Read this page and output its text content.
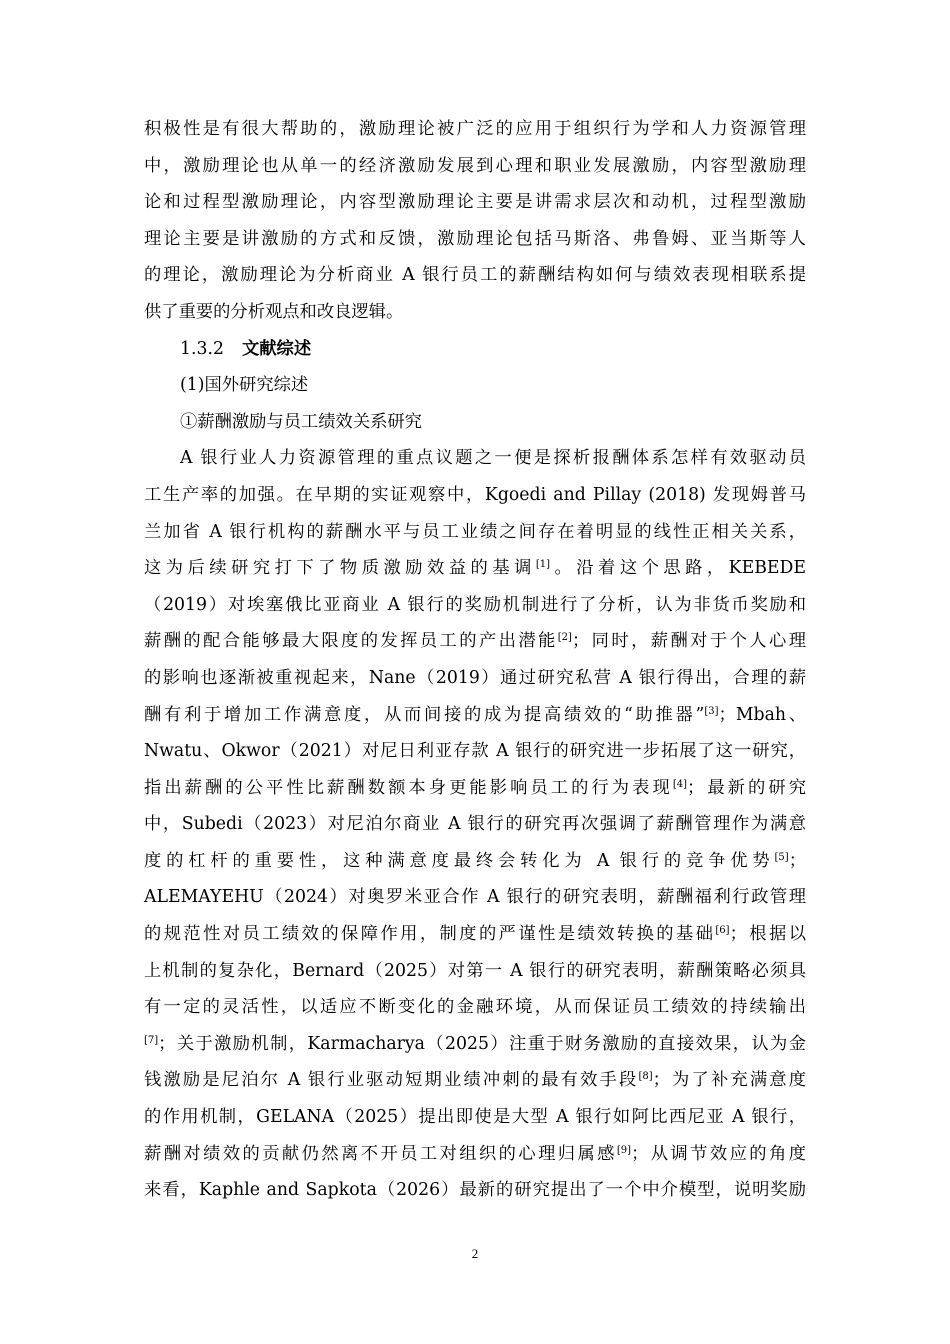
积极性是有很大帮助的，激励理论被广泛的应用于组织行为学和人力资源管理
中，激励理论也从单一的经济激励发展到心理和职业发展激励，内容型激励理
论和过程型激励理论，内容型激励理论主要是讲需求层次和动机，过程型激励
理论主要是讲激励的方式和反馈，激励理论包括马斯洛、弗鲁姆、亚当斯等人
的理论，激励理论为分析商业 A 银行员工的薪酬结构如何与绩效表现相联系提
供了重要的分析观点和改良逻辑。
1.3.2 文献综述
(1)国外研究综述
①薪酬激励与员工绩效关系研究
A 银行业人力资源管理的重点议题之一便是探析报酬体系怎样有效驱动员
工生产率的加强。在早期的实证观察中，Kgoedi and Pillay (2018) 发现姆普马
兰加省 A 银行机构的薪酬水平与员工业绩之间存在着明显的线性正相关关系，
这为后续研究打下了物质激励效益的基调[1]。沿着这个思路，KEBEDE
（2019）对埃塞俄比亚商业 A 银行的奖励机制进行了分析，认为非货币奖励和
薪酬的配合能够最大限度的发挥员工的产出潜能[2]；同时，薪酬对于个人心理
的影响也逐渐被重视起来，Nane（2019）通过研究私营 A 银行得出，合理的薪
酬有利于增加工作满意度，从而间接的成为提高绩效的“助推器”[3]；Mbah、
Nwatu、Okwor（2021）对尼日利亚存款 A 银行的研究进一步拓展了这一研究，
指出薪酬的公平性比薪酬数额本身更能影响员工的行为表现[4]；最新的研究
中，Subedi（2023）对尼泊尔商业 A 银行的研究再次强调了薪酬管理作为满意
度的杠杆的重要性，这种满意度最终会转化为 A 银行的竞争优势[5]；
ALEMAYEHU（2024）对奥罗米亚合作 A 银行的研究表明，薪酬福利行政管理
的规范性对员工绩效的保障作用，制度的严谨性是绩效转换的基础[6]；根据以
上机制的复杂化，Bernard（2025）对第一 A 银行的研究表明，薪酬策略必须具
有一定的灵活性，以适应不断变化的金融环境，从而保证员工绩效的持续输出
[7]；关于激励机制，Karmacharya（2025）注重于财务激励的直接效果，认为金
钱激励是尼泊尔 A 银行业驱动短期业绩冲刺的最有效手段[8]；为了补充满意度
的作用机制，GELANA（2025）提出即使是大型 A 银行如阿比西尼亚 A 银行，
薪酬对绩效的贡献仍然离不开员工对组织的心理归属感[9]；从调节效应的角度
来看，Kaphle and Sapkota（2026）最新的研究提出了一个中介模型，说明奖励
2
